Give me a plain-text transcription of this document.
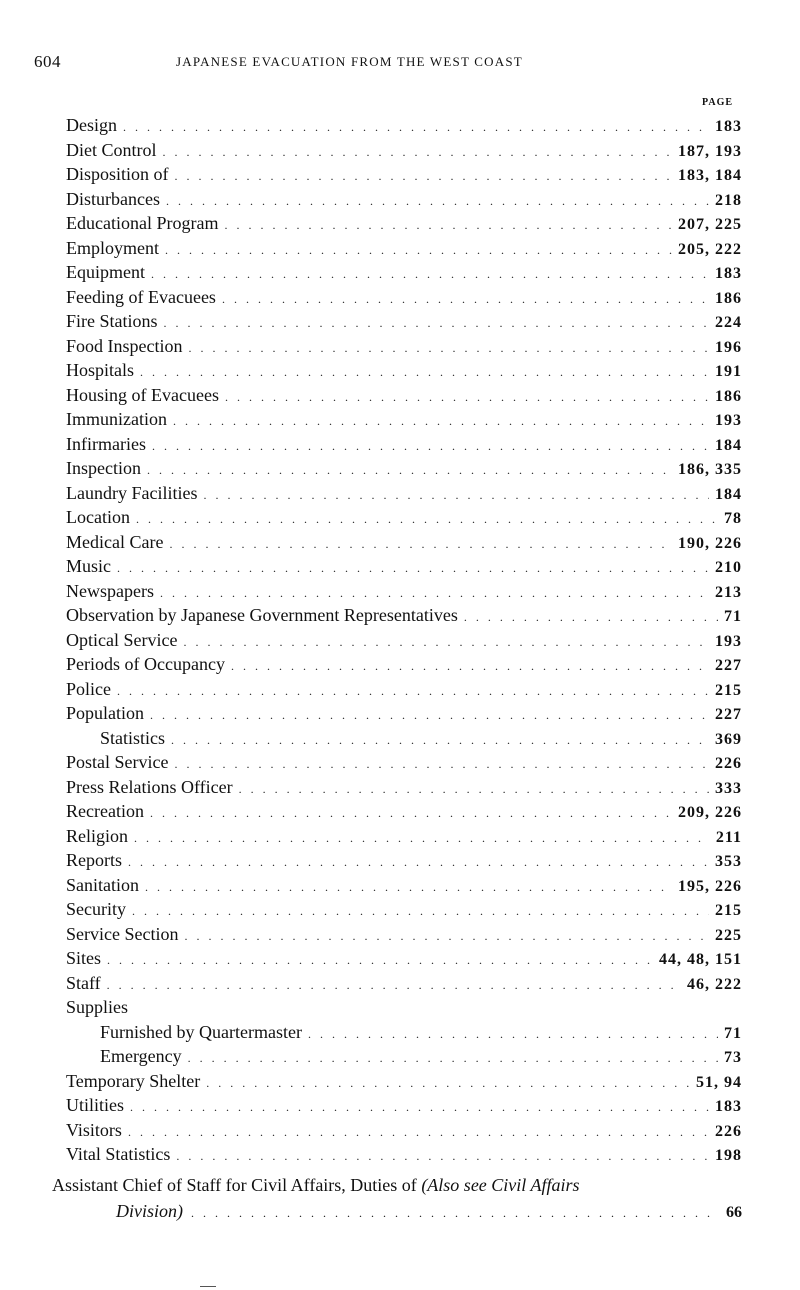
604	JAPANESE EVACUATION FROM THE WEST COAST
PAGE
Design . . .	183
Diet Control . . .	187, 193
Disposition of . . .	183, 184
Disturbances . . .	218
Educational Program . . .	207, 225
Employment . . .	205, 222
Equipment . . .	183
Feeding of Evacuees . . .	186
Fire Stations . . .	224
Food Inspection . . .	196
Hospitals . . .	191
Housing of Evacuees . . .	186
Immunization . . .	193
Infirmaries . . .	184
Inspection . . .	186, 335
Laundry Facilities . . .	184
Location . . .	78
Medical Care . . .	190, 226
Music . . .	210
Newspapers . . .	213
Observation by Japanese Government Representatives . . .	71
Optical Service . . .	193
Periods of Occupancy . . .	227
Police . . .	215
Population . . .	227
Statistics . . .	369
Postal Service . . .	226
Press Relations Officer . . .	333
Recreation . . .	209, 226
Religion . . .	211
Reports . . .	353
Sanitation . . .	195, 226
Security . . .	215
Service Section . . .	225
Sites . . .	44, 48, 151
Staff . . .	46, 222
Supplies
Furnished by Quartermaster . . .	71
Emergency . . .	73
Temporary Shelter . . .	51, 94
Utilities . . .	183
Visitors . . .	226
Vital Statistics . . .	198
Assistant Chief of Staff for Civil Affairs, Duties of (Also see Civil Affairs
Division) . . .	66
